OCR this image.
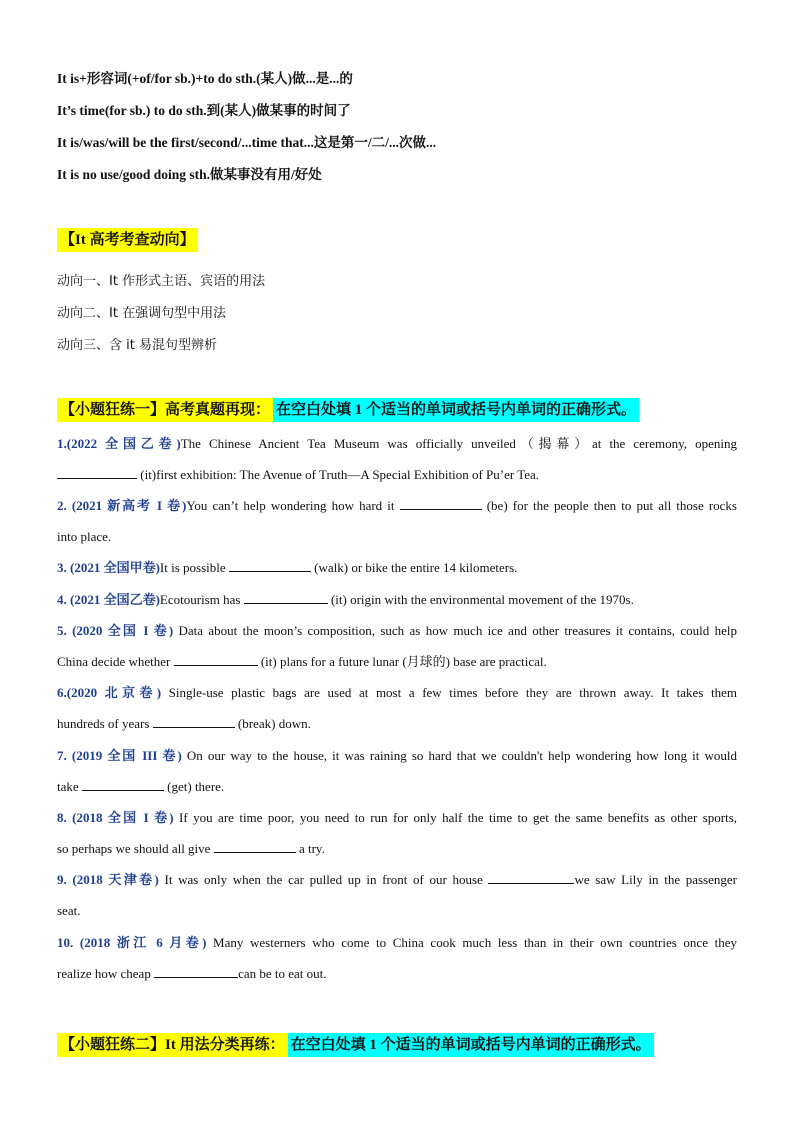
It is+形容词(+of/for sb.)+to do sth.(某人)做...是...的
It’s time(for sb.) to do sth.到(某人)做某事的时间了
It is/was/will be the first/second/...time that...这是第一/二/...次做...
It is no use/good doing sth.做某事没有用/好处
【It 高考考查动向】
动向一、It 作形式主语、宾语的用法
动向二、It 在强调句型中用法
动向三、含 it 易混句型辨析
【小题狂练一】高考真题再现： 在空白处填 1 个适当的单词或括号内单词的正确形式。
1.(2022 全国乙卷)The Chinese Ancient Tea Museum was officially unveiled（揭幕）at the ceremony, opening
(it)first exhibition: The Avenue of Truth—A Special Exhibition of Pu’er Tea.
2. (2021 新高考 I 卷)You can’t help wondering how hard it	(be) for the people then to put all those rocks
into place.
3. (2021 全国甲卷)It is possible	(walk) or bike the entire 14 kilometers.
4. (2021 全国乙卷)Ecotourism has	(it) origin with the environmental movement of the 1970s.
5. (2020 全国 I 卷) Data about the moon’s composition, such as how much ice and other treasures it contains, could help
China decide whether	(it) plans for a future lunar (月球的) base are practical.
6.(2020 北京卷) Single-use plastic bags are used at most a few times before they are thrown away. It takes them
hundreds of years	(break) down.
7. (2019 全国 III 卷) On our way to the house, it was raining so hard that we couldn't help wondering how long it would
take	(get) there.
8. (2018 全国 I 卷) If you are time poor, you need to run for only half the time to get the same benefits as other sports,
so perhaps we should all give	a try.
9. (2018 天津卷) It was only when the car pulled up in front of our house	we saw Lily in the passenger
seat.
10. (2018 浙江 6 月卷) Many westerners who come to China cook much less than in their own countries once they
realize how cheap	can be to eat out.
【小题狂练二】It 用法分类再练： 在空白处填 1 个适当的单词或括号内单词的正确形式。
